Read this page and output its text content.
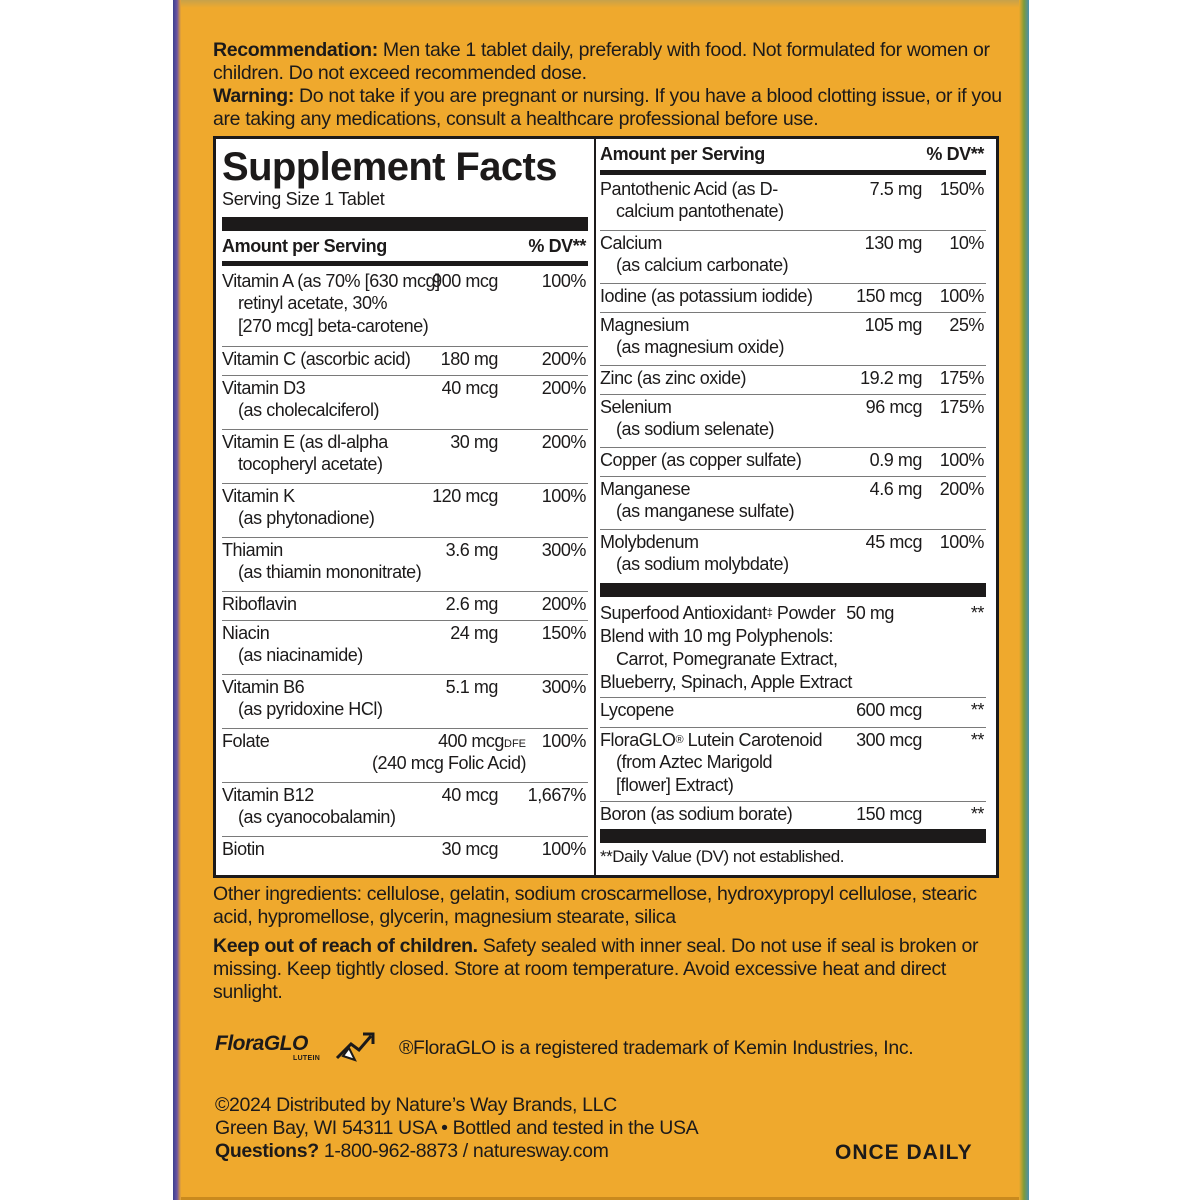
Recommendation: Men take 1 tablet daily, preferably with food. Not formulated for women or children. Do not exceed recommended dose.

Warning: Do not take if you are pregnant or nursing. If you have a blood clotting issue, or if you are taking any medications, consult a healthcare professional before use.

Supplement Facts
Serving Size 1 Tablet
Amount per Serving	% DV**
Vitamin A (as 70% [630 mcg]
900 mcg 100%
retinyl acetate, 30%
[270 mcg] beta-carotene)
Vitamin C (ascorbic acid) 180 mg 200%
Vitamin D3	40 mcg 200%
(as cholecalciferol)
Vitamin E (as dl-alpha	30 mg 200%
tocopheryl acetate)
Vitamin K	120 mcg 100%
(as phytonadione)
Thiamin	3.6 mg 300%
(as thiamin mononitrate)
Riboflavin	2.6 mg 200%
Niacin	24 mg 150%
(as niacinamide)
Vitamin B6	5.1 mg 300%
(as pyridoxine HCl)
Folate	400 mcgDFE 100%
(240 mcg Folic Acid)
Vitamin B12	40 mcg 1,667%
(as cyanocobalamin)
Biotin	30 mcg 100%
Amount per Serving	% DV**
Pantothenic Acid (as D-	7.5 mg 150%
calcium pantothenate)
Calcium	130 mg 10%
(as calcium carbonate)
Iodine (as potassium iodide) 150 mcg 100%
Magnesium	105 mg 25%
(as magnesium oxide)
Zinc (as zinc oxide)	19.2 mg 175%
Selenium	96 mcg 175%
(as sodium selenate)
Copper (as copper sulfate)	0.9 mg 100%
Manganese	4.6 mg 200%
(as manganese sulfate)
Molybdenum	45 mcg 100%
(as sodium molybdate)
Superfood Antioxidant‡ Powder 50 mg	**
Blend with 10 mg Polyphenols:
Carrot, Pomegranate Extract,
Blueberry, Spinach, Apple Extract
Lycopene	600 mcg	**
FloraGLO® Lutein Carotenoid 300 mcg	**
(from Aztec Marigold
[flower] Extract)
Boron (as sodium borate)	150 mcg	**
**Daily Value (DV) not established.

Other ingredients: cellulose, gelatin, sodium croscarmellose, hydroxypropyl cellulose, stearic acid, hypromellose, glycerin, magnesium stearate, silica

Keep out of reach of children. Safety sealed with inner seal. Do not use if seal is broken or missing. Keep tightly closed. Store at room temperature. Avoid excessive heat and direct sunlight.

FloraGLO
LUTEIN	®FloraGLO is a registered trademark of Kemin Industries, Inc.

©2024 Distributed by Nature’s Way Brands, LLC

Green Bay, WI 54311 USA • Bottled and tested in the USA

Questions? 1-800-962-8873 / naturesway.com	ONCE DAILY
